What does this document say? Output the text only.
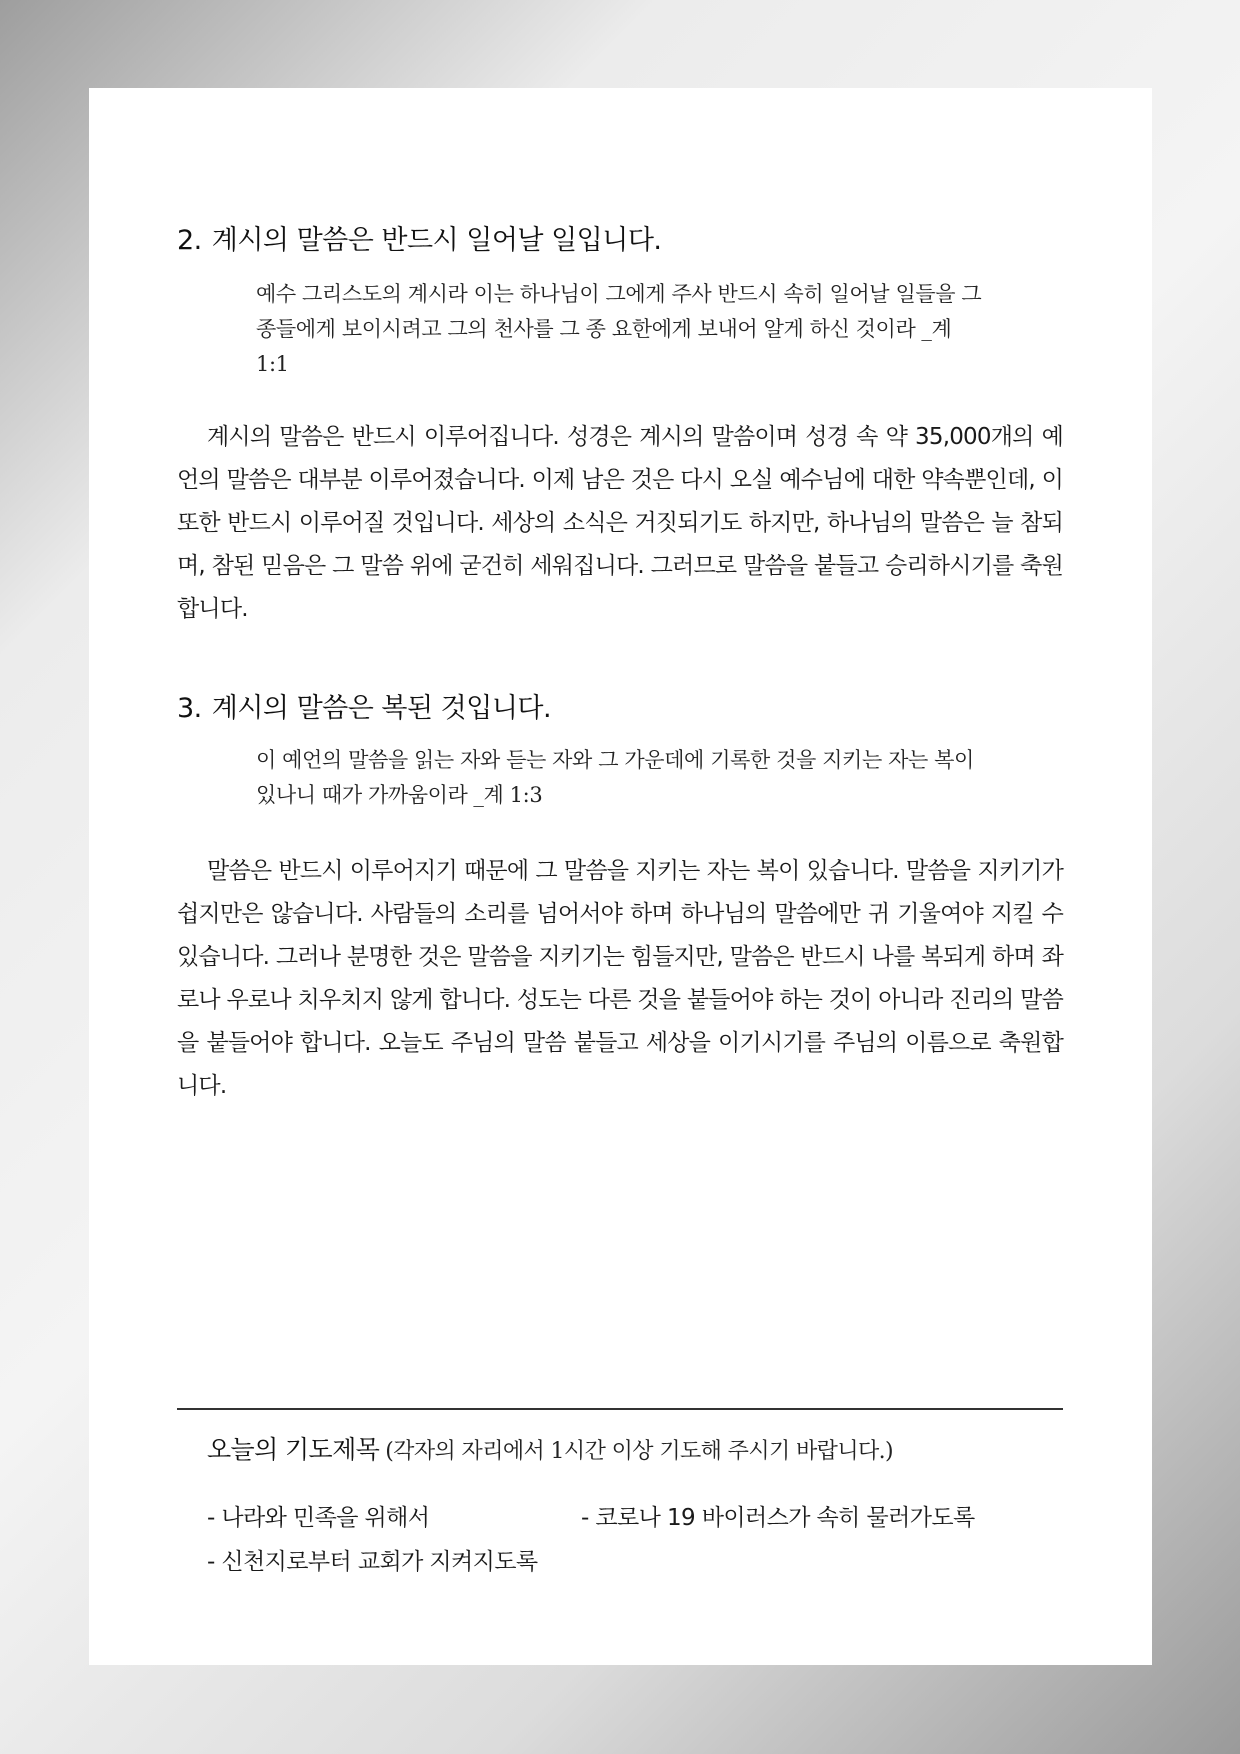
2. 계시의 말씀은 반드시 일어날 일입니다.

예수 그리스도의 계시라 이는 하나님이 그에게 주사 반드시 속히 일어날 일들을 그 종들에게 보이시려고 그의 천사를 그 종 요한에게 보내어 알게 하신 것이라 _계 1:1

계시의 말씀은 반드시 이루어집니다. 성경은 계시의 말씀이며 성경 속 약 35,000개의 예언의 말씀은 대부분 이루어졌습니다. 이제 남은 것은 다시 오실 예수님에 대한 약속뿐인데, 이또한 반드시 이루어질 것입니다. 세상의 소식은 거짓되기도 하지만, 하나님의 말씀은 늘 참되며, 참된 믿음은 그 말씀 위에 굳건히 세워집니다. 그러므로 말씀을 붙들고 승리하시기를 축원합니다.

3. 계시의 말씀은 복된 것입니다.

이 예언의 말씀을 읽는 자와 듣는 자와 그 가운데에 기록한 것을 지키는 자는 복이 있나니 때가 가까움이라 _계 1:3

말씀은 반드시 이루어지기 때문에 그 말씀을 지키는 자는 복이 있습니다. 말씀을 지키기가 쉽지만은 않습니다. 사람들의 소리를 넘어서야 하며 하나님의 말씀에만 귀 기울여야 지킬 수 있습니다. 그러나 분명한 것은 말씀을 지키기는 힘들지만, 말씀은 반드시 나를 복되게 하며 좌로나 우로나 치우치지 않게 합니다. 성도는 다른 것을 붙들어야 하는 것이 아니라 진리의 말씀을 붙들어야 합니다. 오늘도 주님의 말씀 붙들고 세상을 이기시기를 주님의 이름으로 축원합니다.

오늘의 기도제목 (각자의 자리에서 1시간 이상 기도해 주시기 바랍니다.)

- 나라와 민족을 위해서	- 코로나 19 바이러스가 속히 물러가도록
- 신천지로부터 교회가 지켜지도록
